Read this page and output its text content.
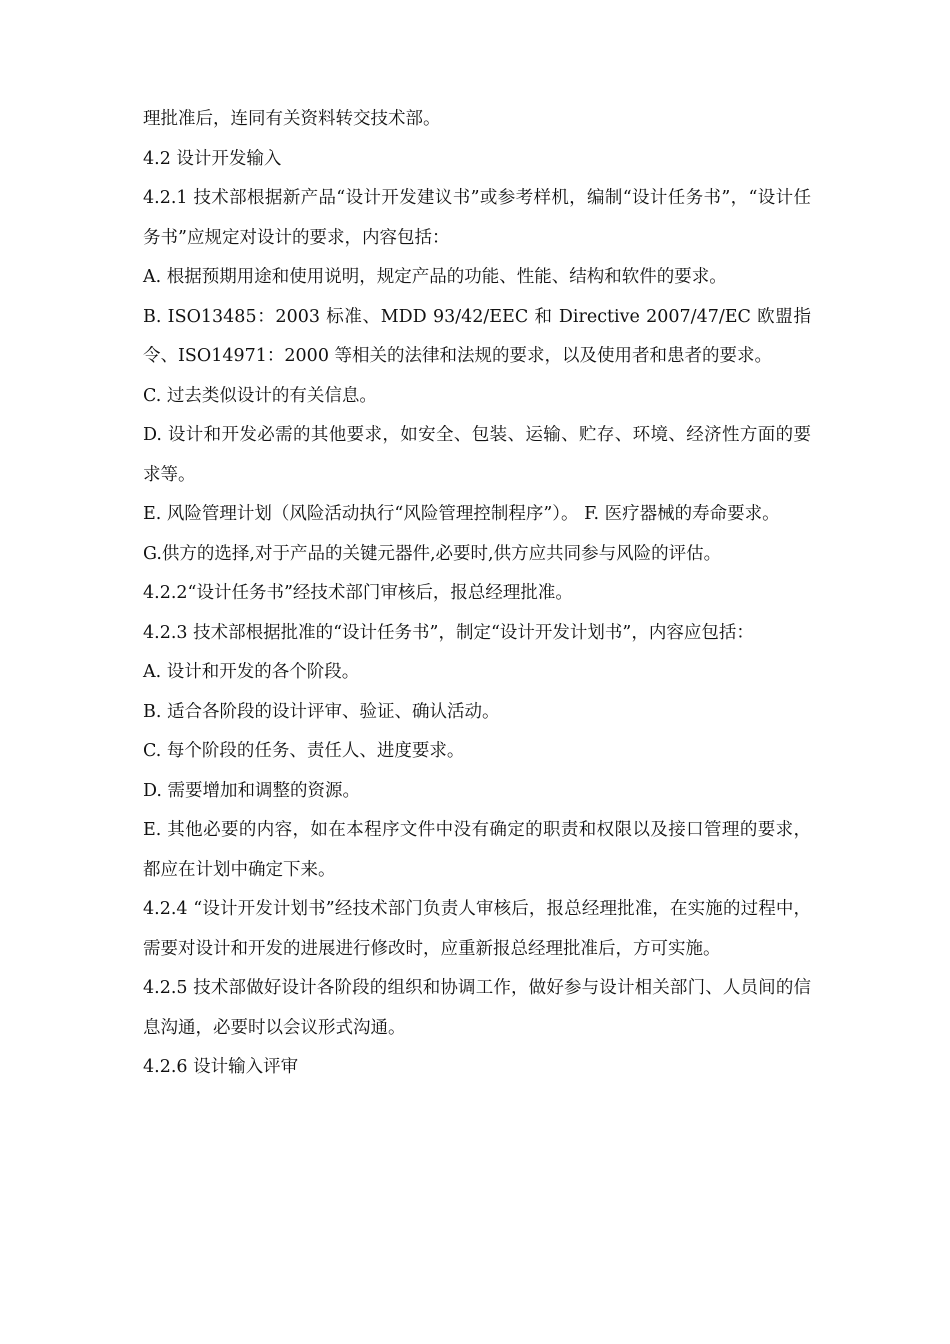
理批准后，连同有关资料转交技术部。

4.2 设计开发输入

4.2.1 技术部根据新产品“设计开发建议书”或参考样机，编制“设计任务书”，“设计任务书”应规定对设计的要求，内容包括：

A. 根据预期用途和使用说明，规定产品的功能、性能、结构和软件的要求。

B. ISO13485：2003 标准、MDD 93/42/EEC 和 Directive 2007/47/EC 欧盟指令、ISO14971：2000 等相关的法律和法规的要求，以及使用者和患者的要求。

C. 过去类似设计的有关信息。

D. 设计和开发必需的其他要求，如安全、包装、运输、贮存、环境、经济性方面的要求等。

E. 风险管理计划（风险活动执行“风险管理控制程序”）。 F. 医疗器械的寿命要求。

G.供方的选择,对于产品的关键元器件,必要时,供方应共同参与风险的评估。

4.2.2“设计任务书”经技术部门审核后，报总经理批准。

4.2.3 技术部根据批准的“设计任务书”，制定“设计开发计划书”，内容应包括：

A. 设计和开发的各个阶段。

B. 适合各阶段的设计评审、验证、确认活动。

C. 每个阶段的任务、责任人、进度要求。

D. 需要增加和调整的资源。

E. 其他必要的内容，如在本程序文件中没有确定的职责和权限以及接口管理的要求，都应在计划中确定下来。

4.2.4 “设计开发计划书”经技术部门负责人审核后，报总经理批准，在实施的过程中，需要对设计和开发的进展进行修改时，应重新报总经理批准后，方可实施。

4.2.5 技术部做好设计各阶段的组织和协调工作，做好参与设计相关部门、人员间的信息沟通，必要时以会议形式沟通。

4.2.6 设计输入评审
